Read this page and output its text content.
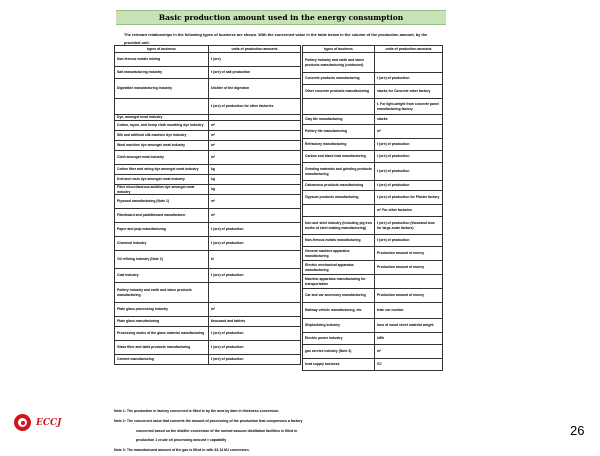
Basic production amount used in the energy consumption
The relevant relationships in the following types of business are shown. With the concerned value in the table below in the column of the production amount, by the provided unit.
types of business	units of production amounts
Non-ferrous metals mining	t (ore)
Salt manufacturing industry	t (ore) of salt production
Digestible manufacturing industry	kiloliter of the digestion
	t (ore) of production for other factories
Dye, amongst meat industry	
Cotton, rayon, and hemp cloth mouthing dye industry	m²
Silk and artificial silk machine dye industry	m²
Wool machine dye amongst meat industry	m²
Cloth amongst meat industry	m²
Cotton fiber and string dye amongst meat industry	kg
Knit and rosin dye amongst meat industry	kg
Fiber miscellaneous addition dye amongst meat industry	kg
Plywood manufacturing (Note 1)	m²
Fiberboard and paddleboard manufacturer	m²
Paper and pulp manufacturing	t (ore) of production
Chemical industry	t (ore) of production
Oil refining industry (Note 2)	kl
Coal industry	t (ore) of production
Pottery industry and earth and stone products manufacturing	
Plate glass processing industry	m²
Plate glass manufacturing	thousand and tablets
Processing works of the glass material manufacturing	t (ore) of production
Glass fiber and table products manufacturing	t (ore) of production
Cement manufacturing	t (ore) of production
types of business	units of production amounts
Pottery industry and earth and stone products manufacturing (continued)	
Concrete products manufacturing	t (ore) of production
Other concrete products manufacturing	stacks for Concrete other factory
	t. For light-weight from concrete panel manufacturing factory
Clay tile manufacturing	stacks
Pottery tile manufacturing	m²
Refractory manufacturing	t (ore) of production
Carbon and black lead manufacturing	t (ore) of production
Grinding materials and grinding products manufacturing	t (ore) of production
Calcareous products manufacturing	t (ore) of production
Gypsum products manufacturing	t (ore) of production for Plaster factory
	m² For other factories
Iron and steel industry (including pig iron works of steel making manufacturing)	t (ore) of production (thousand tons for large-scale factors)
Non-ferrous metals manufacturing	t (ore) of production
General machine apparatus manufacturing	Production amount of money
Electric mechanical apparatus manufacturing	Production amount of money
Machine apparatus manufacturing for transportation	
Car and car accessory manufacturing	Production amount of money
Railway vehicle manufacturing, etc.	train car number
Shipbuilding industry	tons of wood sheet material weight
Electric power industry	kWh
gas service industry (Note 3)	m³
heat supply business	GJ
Note 1: The production in factory concerned is filled in by the area by dam in thickness conversion.
Note 2: The concerned value that converts the amount of processing of the production that compresses a factory
concerned based on the distiller conversion of the normal vacuum distillation facilities is filled in
production 1 crude oil processing amount × capability
Note 3: The manufactured amount of the gas is filled in with 43.14 MJ conversion.
ECCJ
26
